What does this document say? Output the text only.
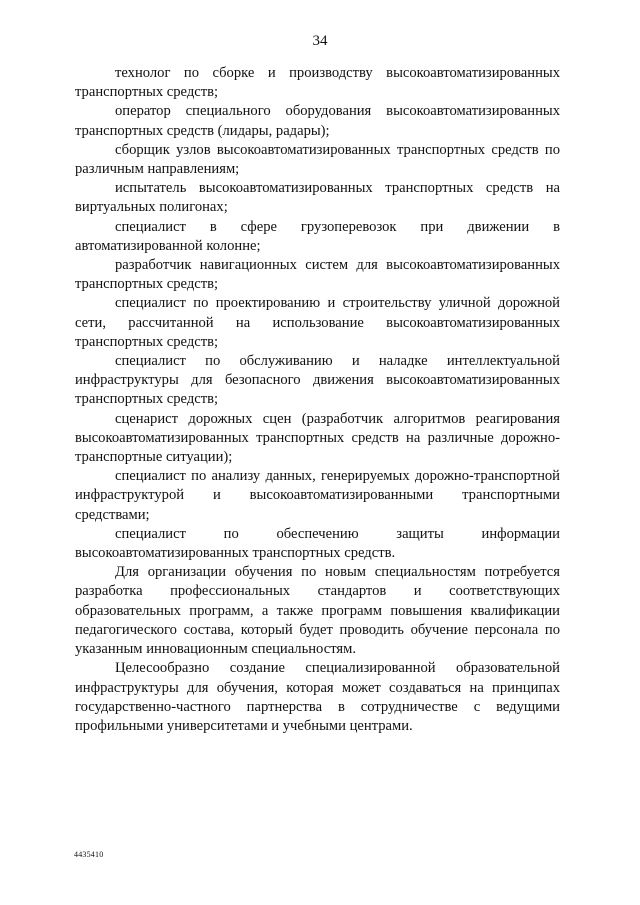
34

технолог по сборке и производству высокоавтоматизированных транспортных средств;

оператор специального оборудования высокоавтоматизированных транспортных средств (лидары, радары);

сборщик узлов высокоавтоматизированных транспортных средств по различным направлениям;

испытатель высокоавтоматизированных транспортных средств на виртуальных полигонах;

специалист в сфере грузоперевозок при движении в автоматизированной колонне;

разработчик навигационных систем для высокоавтоматизированных транспортных средств;

специалист по проектированию и строительству уличной дорожной сети, рассчитанной на использование высокоавтоматизированных транспортных средств;

специалист по обслуживанию и наладке интеллектуальной инфраструктуры для безопасного движения высокоавтоматизированных транспортных средств;

сценарист дорожных сцен (разработчик алгоритмов реагирования высокоавтоматизированных транспортных средств на различные дорожно-транспортные ситуации);

специалист по анализу данных, генерируемых дорожно-транспортной инфраструктурой и высокоавтоматизированными транспортными средствами;

специалист по обеспечению защиты информации высокоавтоматизированных транспортных средств.

Для организации обучения по новым специальностям потребуется разработка профессиональных стандартов и соответствующих образовательных программ, а также программ повышения квалификации педагогического состава, который будет проводить обучение персонала по указанным инновационным специальностям.

Целесообразно создание специализированной образовательной инфраструктуры для обучения, которая может создаваться на принципах государственно-частного партнерства в сотрудничестве с ведущими профильными университетами и учебными центрами.

4435410
